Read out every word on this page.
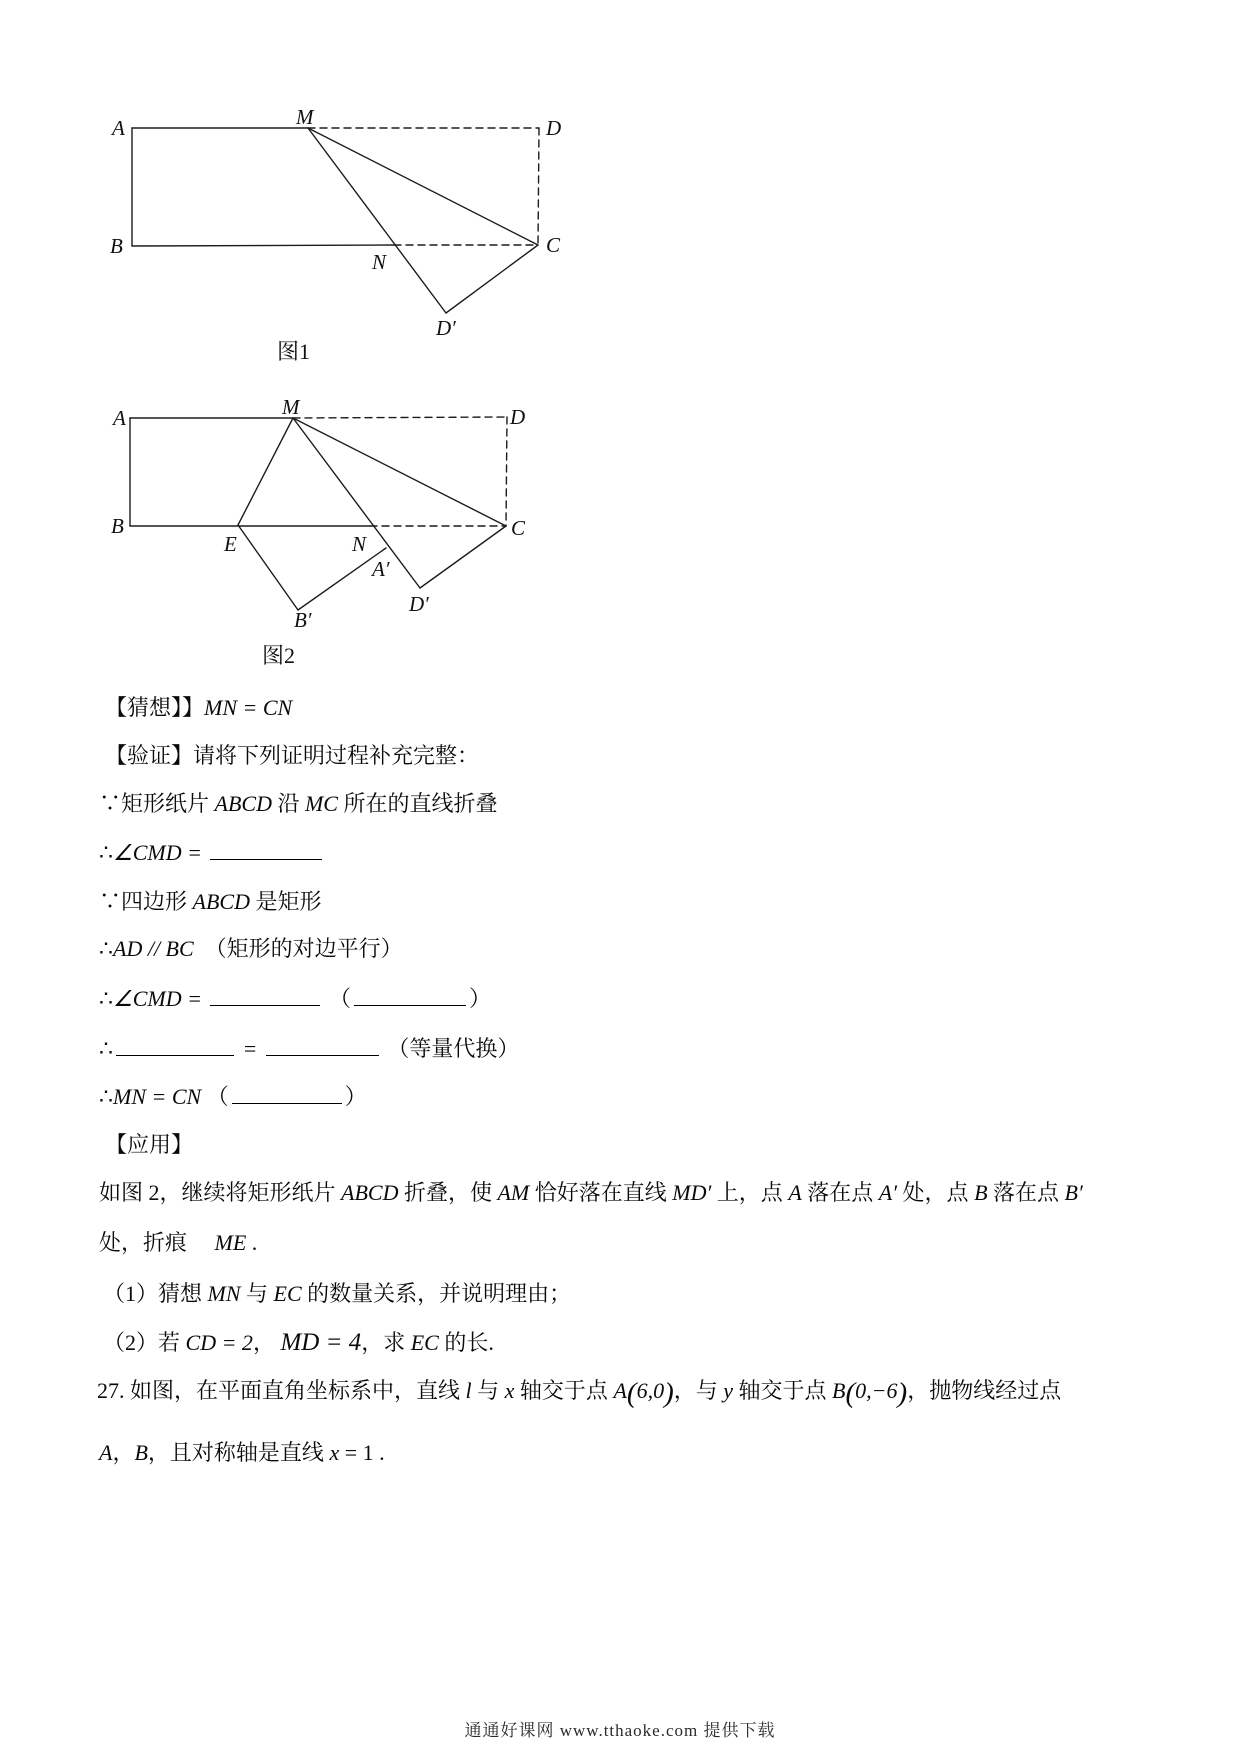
A	M	D
B	C
N
D′
图1
A	M	D
B	C
E	N
A′
D′
B′
图2
【猜想】】MN = CN
【验证】请将下列证明过程补充完整：
∵矩形纸片 ABCD 沿 MC 所在的直线折叠
∴∠CMD =
∵四边形 ABCD 是矩形
∴AD // BC　（矩形的对边平行）
∴∠CMD =	（	）
∴	=	（等量代换）
∴MN = CN （	）
【应用】
如图 2，继续将矩形纸片 ABCD 折叠，使 AM 恰好落在直线 MD′ 上，点 A 落在点 A′ 处，点 B 落在点 B′
处，折痕　 ME .
（1）猜想 MN 与 EC 的数量关系，并说明理由；
（2）若 CD = 2， MD = 4，求 EC 的长.
27. 如图，在平面直角坐标系中，直线 l 与 x 轴交于点 A(6,0)，与 y 轴交于点 B(0,−6)，抛物线经过点
A，B，且对称轴是直线 x = 1 .
通通好课网 www.tthaoke.com 提供下载
